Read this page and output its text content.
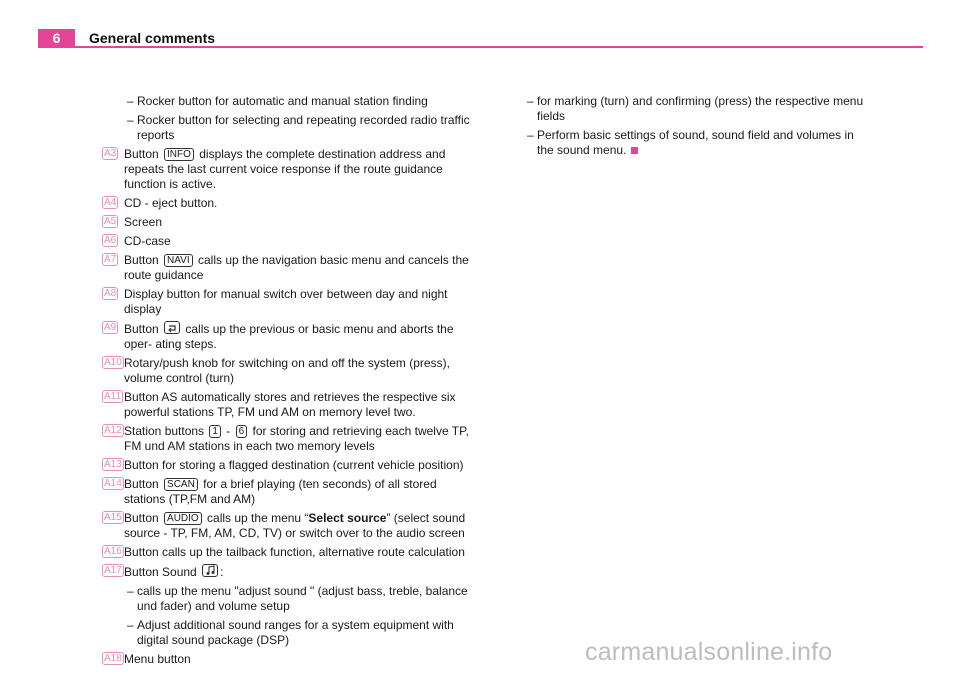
6	General comments
– Rocker button for automatic and manual station finding
– Rocker button for selecting and repeating recorded radio traffic reports
A3 Button INFO displays the complete destination address and repeats the last current voice response if the route guidance function is active.
A4 CD - eject button.
A5 Screen
A6 CD-case
A7 Button NAVI calls up the navigation basic menu and cancels the route guidance
A8 Display button for manual switch over between day and night display
A9 Button
calls up the previous or basic menu and aborts the oper- ating steps.
A10 Rotary/push knob for switching on and off the system (press), volume control (turn)
A11 Button AS automatically stores and retrieves the respective six powerful stations TP, FM und AM on memory level two.
A12 Station buttons 1 - 6 for storing and retrieving each twelve TP, FM und AM stations in each two memory levels
A13 Button for storing a flagged destination (current vehicle position)
A14 Button SCAN for a brief playing (ten seconds) of all stored stations (TP,FM and AM)
A15 Button AUDIO calls up the menu “Select source” (select sound source - TP, FM, AM, CD, TV) or switch over to the audio screen
A16 Button calls up the tailback function, alternative route calculation
A17 Button Sound
:
– calls up the menu "adjust sound " (adjust bass, treble, balance und fader) and volume setup
– Adjust additional sound ranges for a system equipment with digital sound package (DSP)
A18 Menu button
– for marking (turn) and confirming (press) the respective menu fields
– Perform basic settings of sound, sound field and volumes in the sound menu.
carmanualsonline.info
